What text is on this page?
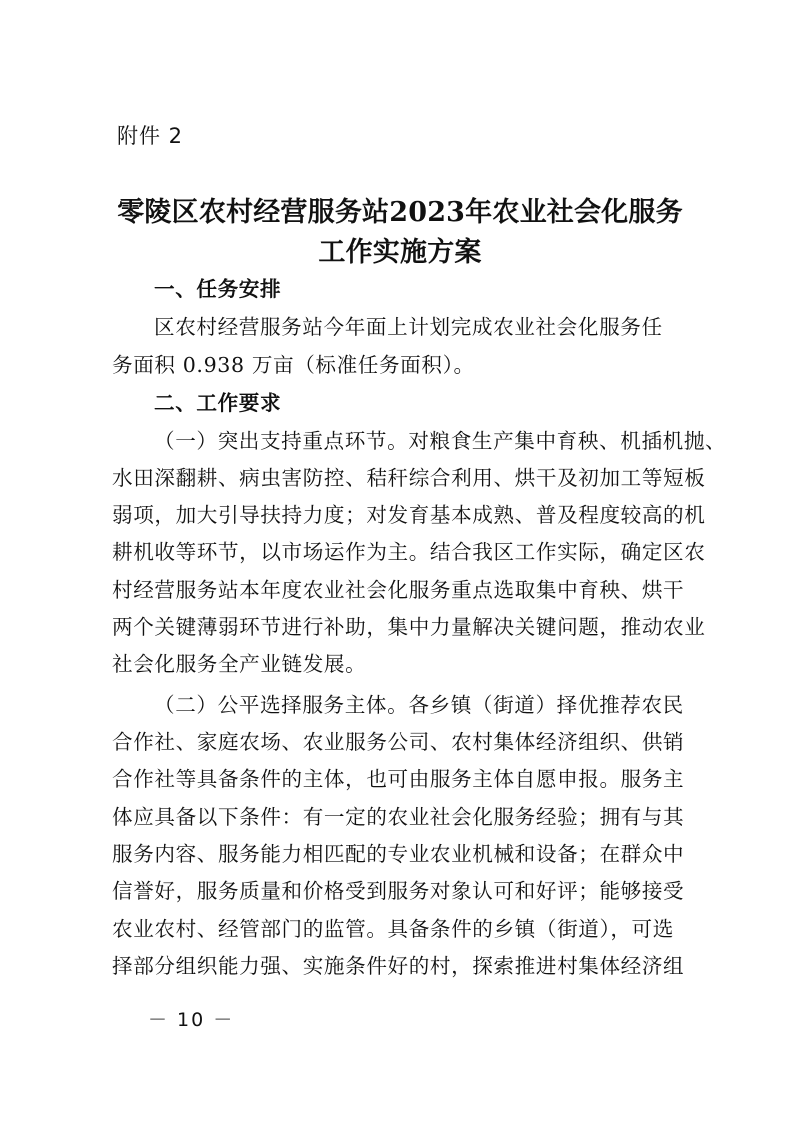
附件 2
零陵区农村经营服务站2023年农业社会化服务
工作实施方案
一、任务安排
区农村经营服务站今年面上计划完成农业社会化服务任
务面积 0.938 万亩（标准任务面积）。
二、工作要求
（一）突出支持重点环节。对粮食生产集中育秧、机插机抛、
水田深翻耕、病虫害防控、秸秆综合利用、烘干及初加工等短板
弱项，加大引导扶持力度；对发育基本成熟、普及程度较高的机
耕机收等环节，以市场运作为主。结合我区工作实际，确定区农
村经营服务站本年度农业社会化服务重点选取集中育秧、烘干
两个关键薄弱环节进行补助，集中力量解决关键问题，推动农业
社会化服务全产业链发展。
（二）公平选择服务主体。各乡镇（街道）择优推荐农民
合作社、家庭农场、农业服务公司、农村集体经济组织、供销
合作社等具备条件的主体，也可由服务主体自愿申报。服务主
体应具备以下条件：有一定的农业社会化服务经验；拥有与其
服务内容、服务能力相匹配的专业农业机械和设备；在群众中
信誉好，服务质量和价格受到服务对象认可和好评；能够接受
农业农村、经管部门的监管。具备条件的乡镇（街道），可选
择部分组织能力强、实施条件好的村，探索推进村集体经济组
－ 10 －
